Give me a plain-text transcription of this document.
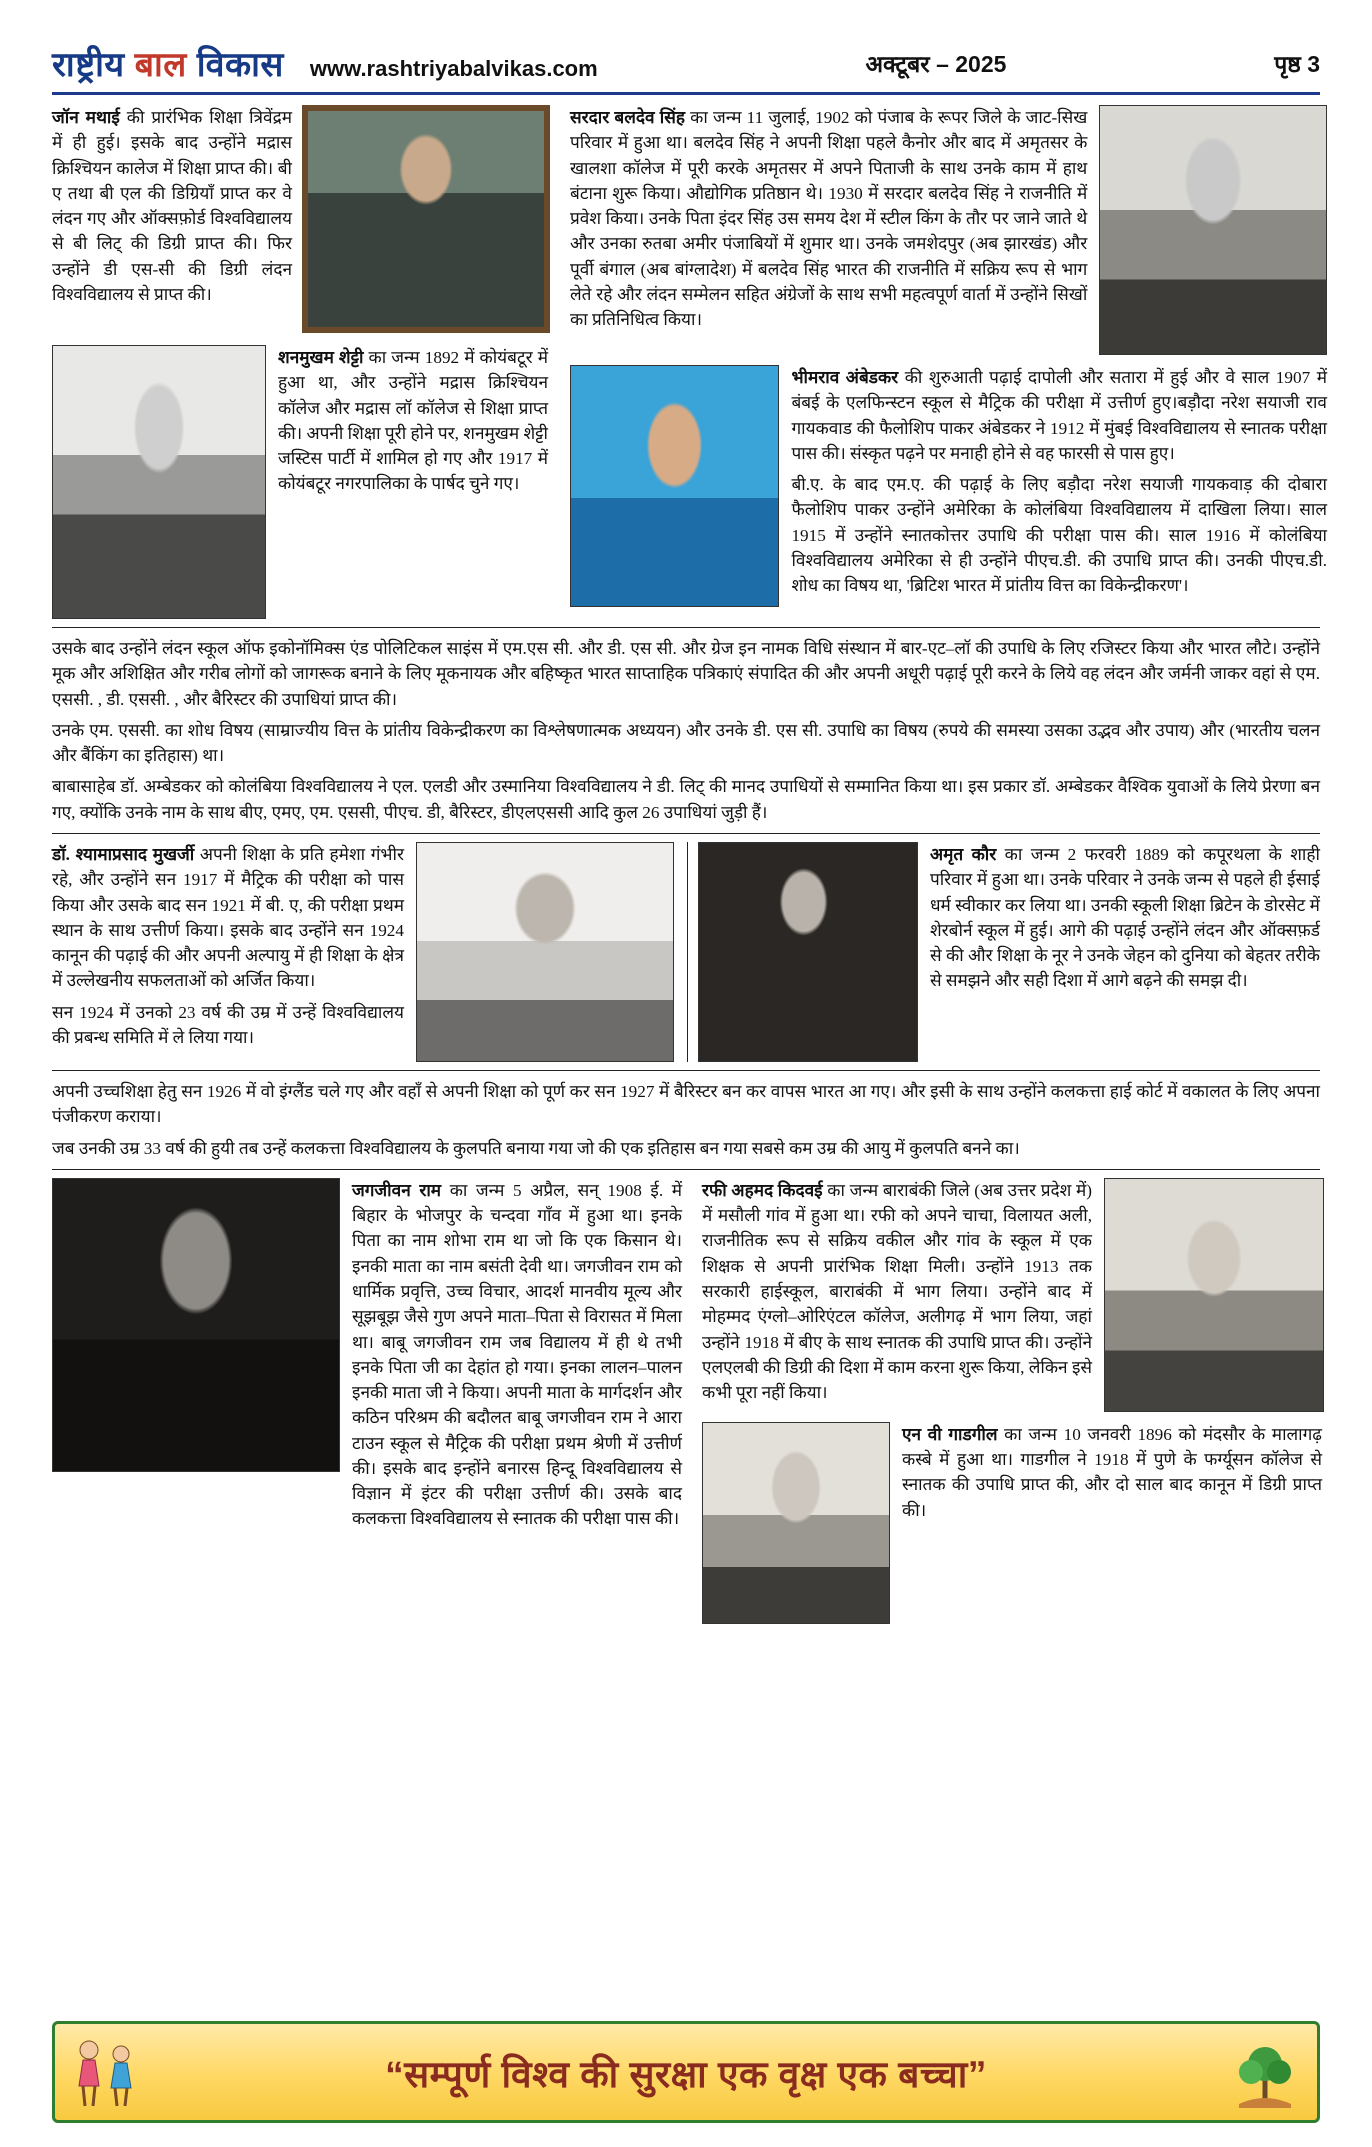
राष्ट्रीय बाल विकास www.rashtriyabalvikas.com	अक्टूबर – 2025	पृष्ठ 3
जॉन मथाई की प्रारंभिक शिक्षा त्रिवेंद्रम में ही हुई। इसके बाद उन्होंने मद्रास क्रिश्चियन कालेज में शिक्षा प्राप्त की। बी ए तथा बी एल की डिग्रियाँ प्राप्त कर वे लंदन गए और ऑक्सफ़ोर्ड विश्वविद्यालय से बी लिट् की डिग्री प्राप्त की। फिर उन्होंने डी एस-सी की डिग्री लंदन विश्वविद्यालय से प्राप्त की।
शनमुखम शेट्टी का जन्म 1892 में कोयंबटूर में हुआ था, और उन्होंने मद्रास क्रिश्चियन कॉलेज और मद्रास लॉ कॉलेज से शिक्षा प्राप्त की। अपनी शिक्षा पूरी होने पर, शनमुखम शेट्टी जस्टिस पार्टी में शामिल हो गए और 1917 में कोयंबटूर नगरपालिका के पार्षद चुने गए।
सरदार बलदेव सिंह का जन्म 11 जुलाई, 1902 को पंजाब के रूपर जिले के जाट-सिख परिवार में हुआ था। बलदेव सिंह ने अपनी शिक्षा पहले कैनोर और बाद में अमृतसर के खालशा कॉलेज में पूरी करके अमृतसर में अपने पिताजी के साथ उनके काम में हाथ बंटाना शुरू किया। औद्योगिक प्रतिष्ठान थे। 1930 में सरदार बलदेव सिंह ने राजनीति में प्रवेश किया। उनके पिता इंदर सिंह उस समय देश में स्टील किंग के तौर पर जाने जाते थे और उनका रुतबा अमीर पंजाबियों में शुमार था। उनके जमशेदपुर (अब झारखंड) और पूर्वी बंगाल (अब बांग्लादेश) में बलदेव सिंह भारत की राजनीति में सक्रिय रूप से भाग लेते रहे और लंदन सम्मेलन सहित अंग्रेजों के साथ सभी महत्वपूर्ण वार्ता में उन्होंने सिखों का प्रतिनिधित्व किया।

भीमराव अंबेडकर की शुरुआती पढ़ाई दापोली और सतारा में हुई और वे साल 1907 में बंबई के एलफिन्स्टन स्कूल से मैट्रिक की परीक्षा में उत्तीर्ण हुए।बड़ौदा नरेश सयाजी राव गायकवाड की फैलोशिप पाकर अंबेडकर ने 1912 में मुंबई विश्वविद्यालय से स्नातक परीक्षा पास की। संस्कृत पढ़ने पर मनाही होने से वह फारसी से पास हुए।

बी.ए. के बाद एम.ए. की पढ़ाई के लिए बड़ौदा नरेश सयाजी गायकवाड़ की दोबारा फैलोशिप पाकर उन्होंने अमेरिका के कोलंबिया विश्वविद्यालय में दाखिला लिया। साल 1915 में उन्होंने स्नातकोत्तर उपाधि की परीक्षा पास की। साल 1916 में कोलंबिया विश्वविद्यालय अमेरिका से ही उन्होंने पीएच.डी. की उपाधि प्राप्त की। उनकी पीएच.डी. शोध का विषय था, 'ब्रिटिश भारत में प्रांतीय वित्त का विकेन्द्रीकरण'।

उसके बाद उन्होंने लंदन स्कूल ऑफ इकोनॉमिक्स एंड पोलिटिकल साइंस में एम.एस सी. और डी. एस सी. और ग्रेज इन नामक विधि संस्थान में बार-एट–लॉ की उपाधि के लिए रजिस्टर किया और भारत लौटे। उन्होंने मूक और अशिक्षित और गरीब लोगों को जागरूक बनाने के लिए मूकनायक और बहिष्कृत भारत साप्ताहिक पत्रिकाएं संपादित की और अपनी अधूरी पढ़ाई पूरी करने के लिये वह लंदन और जर्मनी जाकर वहां से एम. एससी. , डी. एससी. , और बैरिस्टर की उपाधियां प्राप्त की।

उनके एम. एससी. का शोध विषय (साम्राज्यीय वित्त के प्रांतीय विकेन्द्रीकरण का विश्लेषणात्मक अध्ययन) और उनके डी. एस सी. उपाधि का विषय (रुपये की समस्या उसका उद्भव और उपाय) और (भारतीय चलन और बैंकिंग का इतिहास) था।

बाबासाहेब डॉ. अम्बेडकर को कोलंबिया विश्वविद्यालय ने एल. एलडी और उस्मानिया विश्वविद्यालय ने डी. लिट् की मानद उपाधियों से सम्मानित किया था। इस प्रकार डॉ. अम्बेडकर वैश्विक युवाओं के लिये प्रेरणा बन गए, क्योंकि उनके नाम के साथ बीए, एमए, एम. एससी, पीएच. डी, बैरिस्टर, डीएलएससी आदि कुल 26 उपाधियां जुड़ी हैं।

डॉ. श्यामाप्रसाद मुखर्जी अपनी शिक्षा के प्रति हमेशा गंभीर रहे, और उन्होंने सन 1917 में मैट्रिक की परीक्षा को पास किया और उसके बाद सन 1921 में बी. ए, की परीक्षा प्रथम स्थान के साथ उत्तीर्ण किया। इसके बाद उन्होंने सन 1924 कानून की पढ़ाई की और अपनी अल्पायु में ही शिक्षा के क्षेत्र में उल्लेखनीय सफलताओं को अर्जित किया।

सन 1924 में उनको 23 वर्ष की उम्र में उन्हें विश्वविद्यालय की प्रबन्ध समिति में ले लिया गया।

अमृत कौर का जन्म 2 फरवरी 1889 को कपूरथला के शाही परिवार में हुआ था। उनके परिवार ने उनके जन्म से पहले ही ईसाई धर्म स्वीकार कर लिया था। उनकी स्कूली शिक्षा ब्रिटेन के डोरसेट में शेरबोर्न स्कूल में हुई। आगे की पढ़ाई उन्होंने लंदन और ऑक्सफ़र्ड से की और शिक्षा के नूर ने उनके जेहन को दुनिया को बेहतर तरीके से समझने और सही दिशा में आगे बढ़ने की समझ दी।

अपनी उच्चशिक्षा हेतु सन 1926 में वो इंग्लैंड चले गए और वहाँ से अपनी शिक्षा को पूर्ण कर सन 1927 में बैरिस्टर बन कर वापस भारत आ गए। और इसी के साथ उन्होंने कलकत्ता हाई कोर्ट में वकालत के लिए अपना पंजीकरण कराया।

जब उनकी उम्र 33 वर्ष की हुयी तब उन्हें कलकत्ता विश्वविद्यालय के कुलपति बनाया गया जो की एक इतिहास बन गया सबसे कम उम्र की आयु में कुलपति बनने का।

जगजीवन राम का जन्म 5 अप्रैल, सन् 1908 ई. में बिहार के भोजपुर के चन्दवा गाँव में हुआ था। इनके पिता का नाम शोभा राम था जो कि एक किसान थे। इनकी माता का नाम बसंती देवी था। जगजीवन राम को धार्मिक प्रवृत्ति, उच्च विचार, आदर्श मानवीय मूल्य और सूझबूझ जैसे गुण अपने माता–पिता से विरासत में मिला था। बाबू जगजीवन राम जब विद्यालय में ही थे तभी इनके पिता जी का देहांत हो गया। इनका लालन–पालन इनकी माता जी ने किया। अपनी माता के मार्गदर्शन और कठिन परिश्रम की बदौलत बाबू जगजीवन राम ने आरा टाउन स्कूल से मैट्रिक की परीक्षा प्रथम श्रेणी में उत्तीर्ण की। इसके बाद इन्होंने बनारस हिन्दू विश्वविद्यालय से विज्ञान में इंटर की परीक्षा उत्तीर्ण की। उसके बाद कलकत्ता विश्वविद्यालय से स्नातक की परीक्षा पास की।
रफी अहमद किदवई का जन्म बाराबंकी जिले (अब उत्तर प्रदेश में) में मसौली गांव में हुआ था। रफी को अपने चाचा, विलायत अली, राजनीतिक रूप से सक्रिय वकील और गांव के स्कूल में एक शिक्षक से अपनी प्रारंभिक शिक्षा मिली। उन्होंने 1913 तक सरकारी हाईस्कूल, बाराबंकी में भाग लिया। उन्होंने बाद में मोहम्मद एंग्लो–ओरिएंटल कॉलेज, अलीगढ़ में भाग लिया, जहां उन्होंने 1918 में बीए के साथ स्नातक की उपाधि प्राप्त की। उन्होंने एलएलबी की डिग्री की दिशा में काम करना शुरू किया, लेकिन इसे कभी पूरा नहीं किया।
एन वी गाडगील का जन्म 10 जनवरी 1896 को मंदसौर के मालागढ़ कस्बे में हुआ था। गाडगील ने 1918 में पुणे के फर्ग्यूसन कॉलेज से स्नातक की उपाधि प्राप्त की, और दो साल बाद कानून में डिग्री प्राप्त की।
“सम्पूर्ण विश्व की सुरक्षा एक वृक्ष एक बच्चा”
